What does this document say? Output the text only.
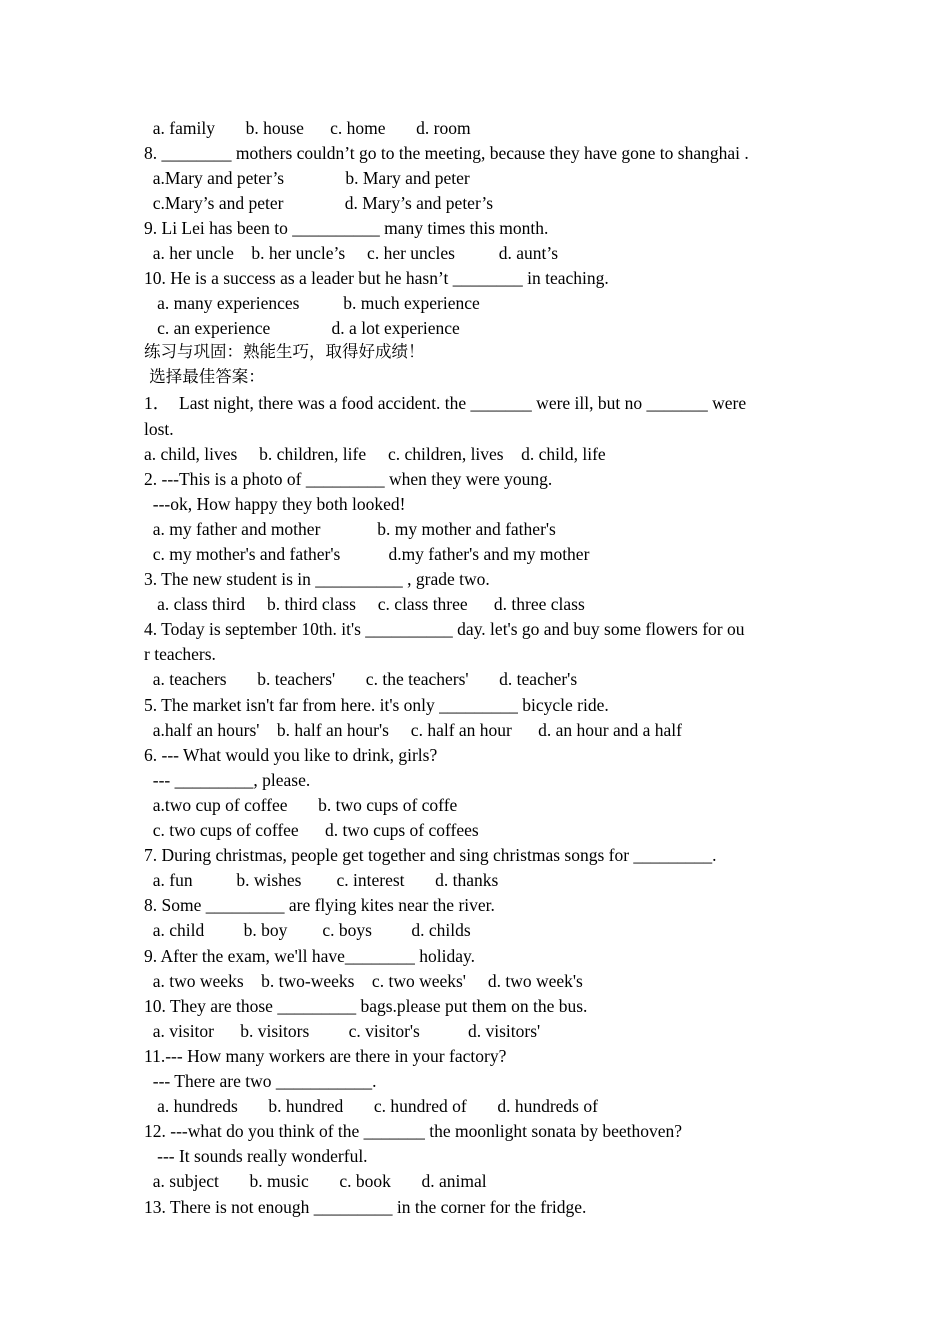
a. family       b. house      c. home       d. room
8. ________ mothers couldn’t go to the meeting, because they have gone to shanghai .
a.Mary and peter’s              b. Mary and peter
c.Mary’s and peter              d. Mary’s and peter’s
9. Li Lei has been to __________ many times this month.
a. her uncle    b. her uncle’s     c. her uncles          d. aunt’s
10. He is a success as a leader but he hasn’t ________ in teaching.
a. many experiences          b. much experience
c. an experience              d. a lot experience
练习与巩固：熟能生巧，取得好成绩！
选择最佳答案：
1．  Last night, there was a food accident. the _______ were ill, but no _______ were
lost.
a. child, lives     b. children, life     c. children, lives    d. child, life
2. ---This is a photo of _________ when they were young.
---ok, How happy they both looked!
a. my father and mother             b. my mother and father's
c. my mother's and father's           d.my father's and my mother
3. The new student is in __________ , grade two.
a. class third     b. third class     c. class three      d. three class
4. Today is september 10th. it's __________ day. let's go and buy some flowers for ou
r teachers.
a. teachers       b. teachers'       c. the teachers'       d. teacher's
5. The market isn't far from here. it's only _________ bicycle ride.
a.half an hours'    b. half an hour's     c. half an hour      d. an hour and a half
6. --- What would you like to drink, girls?
--- _________, please.
a.two cup of coffee       b. two cups of coffe
c. two cups of coffee      d. two cups of coffees
7. During christmas, people get together and sing christmas songs for _________.
a. fun          b. wishes        c. interest       d. thanks
8. Some _________ are flying kites near the river.
a. child         b. boy        c. boys         d. childs
9. After the exam, we'll have________ holiday.
a. two weeks    b. two-weeks    c. two weeks'     d. two week's
10. They are those _________ bags.please put them on the bus.
a. visitor      b. visitors         c. visitor's           d. visitors'
11.--- How many workers are there in your factory?
--- There are two ___________.
a. hundreds       b. hundred       c. hundred of       d. hundreds of
12. ---what do you think of the _______ the moonlight sonata by beethoven?
--- It sounds really wonderful.
a. subject       b. music       c. book       d. animal
13. There is not enough _________ in the corner for the fridge.
